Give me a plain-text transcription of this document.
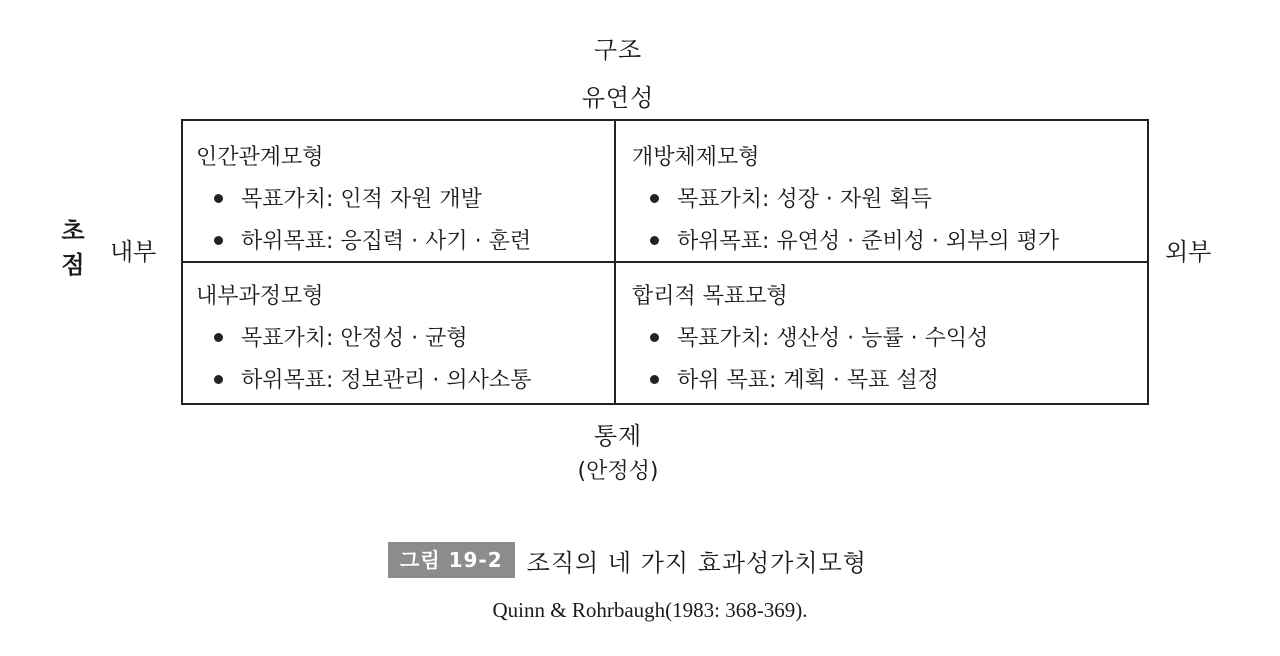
구조
유연성
인간관계모형
목표가치: 인적 자원 개발
하위목표: 응집력 · 사기 · 훈련
개방체제모형
목표가치: 성장 · 자원 획득
하위목표: 유연성 · 준비성 · 외부의 평가
내부과정모형
목표가치: 안정성 · 균형
하위목표: 정보관리 · 의사소통
합리적 목표모형
목표가치: 생산성 · 능률 · 수익성
하위 목표: 계획 · 목표 설정
초
점 내부	외부
통제
(안정성)
그림 19-2	조직의 네 가지 효과성가치모형
Quinn & Rohrbaugh(1983: 368-369).
